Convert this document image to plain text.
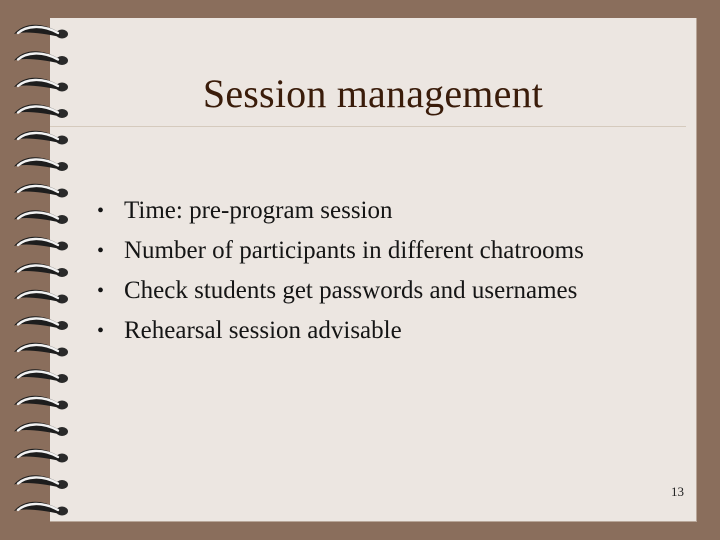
Session management
• Time: pre-program session
• Number of participants in different chatrooms
• Check students get passwords and usernames
• Rehearsal session advisable
13
